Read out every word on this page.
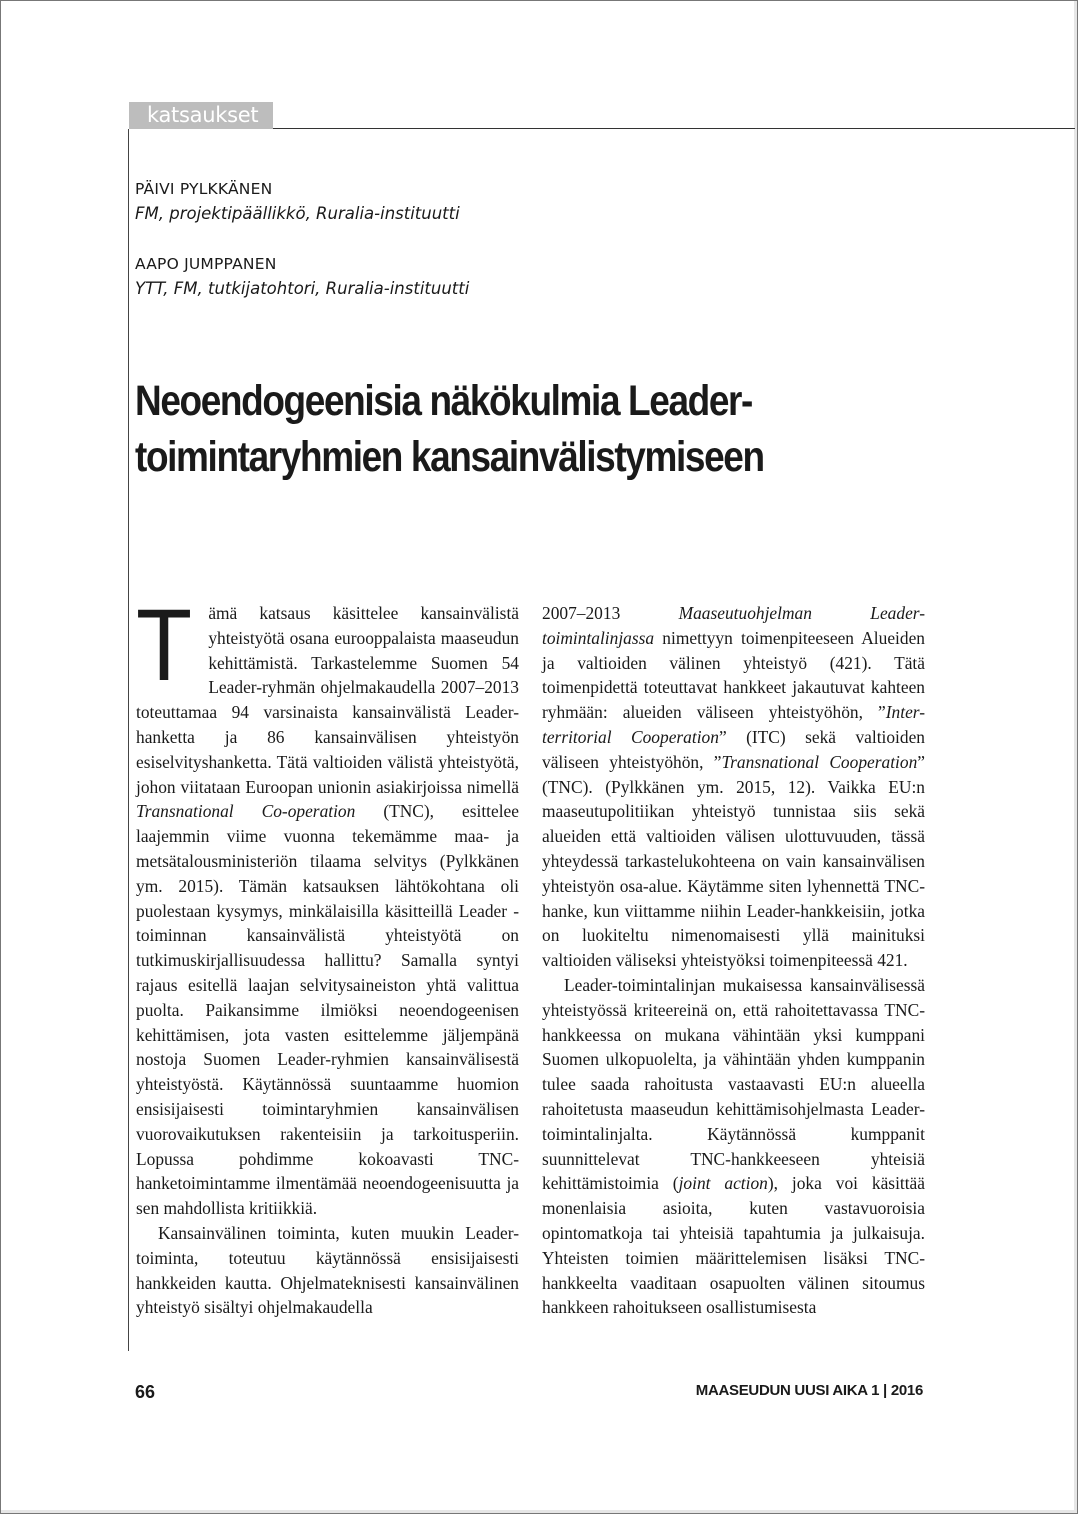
katsaukset
PÄIVI PYLKKÄNEN
FM, projektipäällikkö, Ruralia-instituutti
AAPO JUMPPANEN
YTT, FM, tutkijatohtori, Ruralia-instituutti
Neoendogeenisia näkökulmia Leader-
toimintaryhmien kansainvälistymiseen

Tämä katsaus käsittelee kansainvälistä yhteistyötä osana eurooppalaista maaseudun kehittämistä. Tarkastelemme Suomen 54 Leader-ryhmän ohjelmakaudella 2007–2013 toteuttamaa 94 varsinaista kansainvälistä Leader-hanketta ja 86 kansainvälisen yhteistyön esiselvityshanketta. Tätä valtioiden välistä yhteistyötä, johon viitataan Euroopan unionin asiakirjoissa nimellä Transnational Co-operation (TNC), esittelee laajemmin viime vuonna tekemämme maa- ja metsätalousministeriön tilaama selvitys (Pylkkänen ym. 2015). Tämän katsauksen lähtökohtana oli puolestaan kysymys, minkälaisilla käsitteillä Leader -toiminnan kansainvälistä yhteistyötä on tutkimuskirjallisuudessa hallittu? Samalla syntyi rajaus esitellä laajan selvitysaineiston yhtä valittua puolta. Paikansimme ilmiöksi neoendogeenisen kehittämisen, jota vasten esittelemme jäljempänä nostoja Suomen Leader-ryhmien kansainvälisestä yhteistyöstä. Käytännössä suuntaamme huomion ensisijaisesti toimintaryhmien kansainvälisen vuorovaikutuksen rakenteisiin ja tarkoitusperiin. Lopussa pohdimme kokoavasti TNC-hanketoimintamme ilmentämää neoendogeenisuutta ja sen mahdollista kritiikkiä.

Kansainvälinen toiminta, kuten muukin Leader-toiminta, toteutuu käytännössä ensisijaisesti hankkeiden kautta. Ohjelmateknisesti kansainvälinen yhteistyö sisältyi ohjelmakaudella

2007–2013 Maaseutuohjelman Leader-toimintalinjassa nimettyyn toimenpiteeseen Alueiden ja valtioiden välinen yhteistyö (421). Tätä toimenpidettä toteuttavat hankkeet jakautuvat kahteen ryhmään: alueiden väliseen yhteistyöhön, ”Inter-territorial Cooperation” (ITC) sekä valtioiden väliseen yhteistyöhön, ”Transnational Cooperation” (TNC). (Pylkkänen ym. 2015, 12). Vaikka EU:n maaseutupolitiikan yhteistyö tunnistaa siis sekä alueiden että valtioiden välisen ulottuvuuden, tässä yhteydessä tarkastelukohteena on vain kansainvälisen yhteistyön osa-alue. Käytämme siten lyhennettä TNC-hanke, kun viittamme niihin Leader-hankkeisiin, jotka on luokiteltu nimenomaisesti yllä mainituksi valtioiden väliseksi yhteistyöksi toimenpiteessä 421.

Leader-toimintalinjan mukaisessa kansainvälisessä yhteistyössä kriteereinä on, että rahoitettavassa TNC-hankkeessa on mukana vähintään yksi kumppani Suomen ulkopuolelta, ja vähintään yhden kumppanin tulee saada rahoitusta vastaavasti EU:n alueella rahoitetusta maaseudun kehittämisohjelmasta Leader-toimintalinjalta. Käytännössä kumppanit suunnittelevat TNC-hankkeeseen yhteisiä kehittämistoimia (joint action), joka voi käsittää monenlaisia asioita, kuten vastavuoroisia opintomatkoja tai yhteisiä tapahtumia ja julkaisuja. Yhteisten toimien määrittelemisen lisäksi TNC-hankkeelta vaaditaan osapuolten välinen sitoumus hankkeen rahoitukseen osallistumisesta

66	MAASEUDUN UUSI AIKA 1 | 2016
